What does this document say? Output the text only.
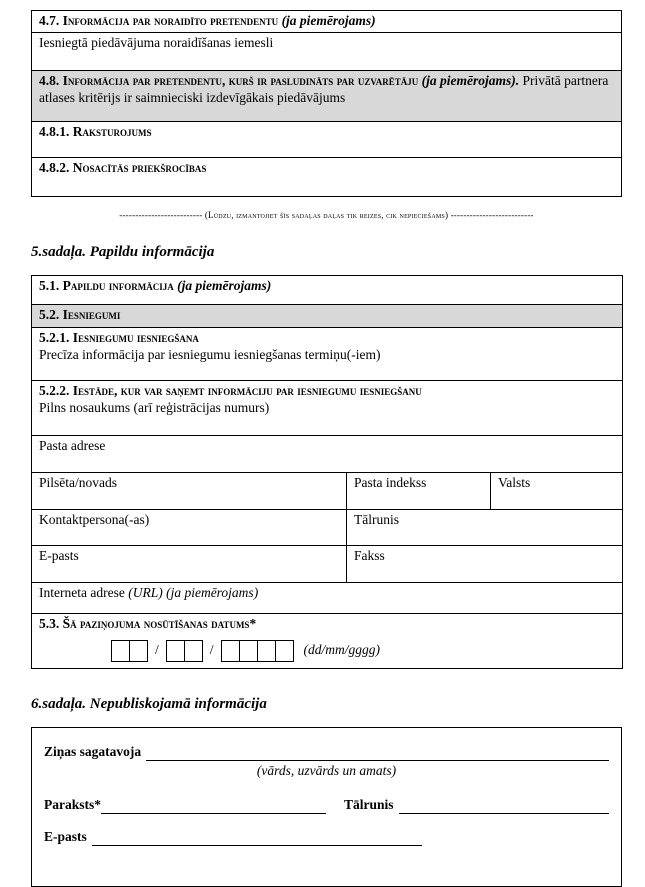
4.7. Informācija par noraidīto pretendentu (ja piemērojams)
Iesniegtā piedāvājuma noraidīšanas iemesli
4.8. Informācija par pretendentu, kurš ir pasludināts par uzvarētāju (ja piemērojams). Privātā partnera atlases kritērijs ir saimnieciski izdevīgākais piedāvājums
4.8.1. Raksturojums
4.8.2. Nosacītās priekšrocības
-------------------------- (Lūdzu, izmantojiet šīs sadaļas daļas tik reizes, cik nepieciešams) --------------------------
5.sadaļa. Papildu informācija
5.1. Papildu informācija (ja piemērojams)		
5.2. Iesniegumi		

5.2.1. Iesniegumu iesniegšana
Precīza informācija par iesniegumu iesniegšanas termiņu(-iem)		

5.2.2. Iestāde, kur var saņemt informāciju par iesniegumu iesniegšanu
Pilns nosaukums (arī reģistrācijas numurs)		

Pasta adrese		
Pilsēta/novads	Pasta indekss	Valsts
Kontaktpersona(-as)	Tālrunis	
E-pasts	Fakss	
Interneta adrese (URL) (ja piemērojams)		

5.3. Šā paziņojuma nosūtīšanas datums*
/ / (dd/mm/gggg)		
6.sadaļa. Nepubliskojamā informācija
Ziņas sagatavoja
(vārds, uzvārds un amats)
Paraksts*	Tālrunis
E-pasts
